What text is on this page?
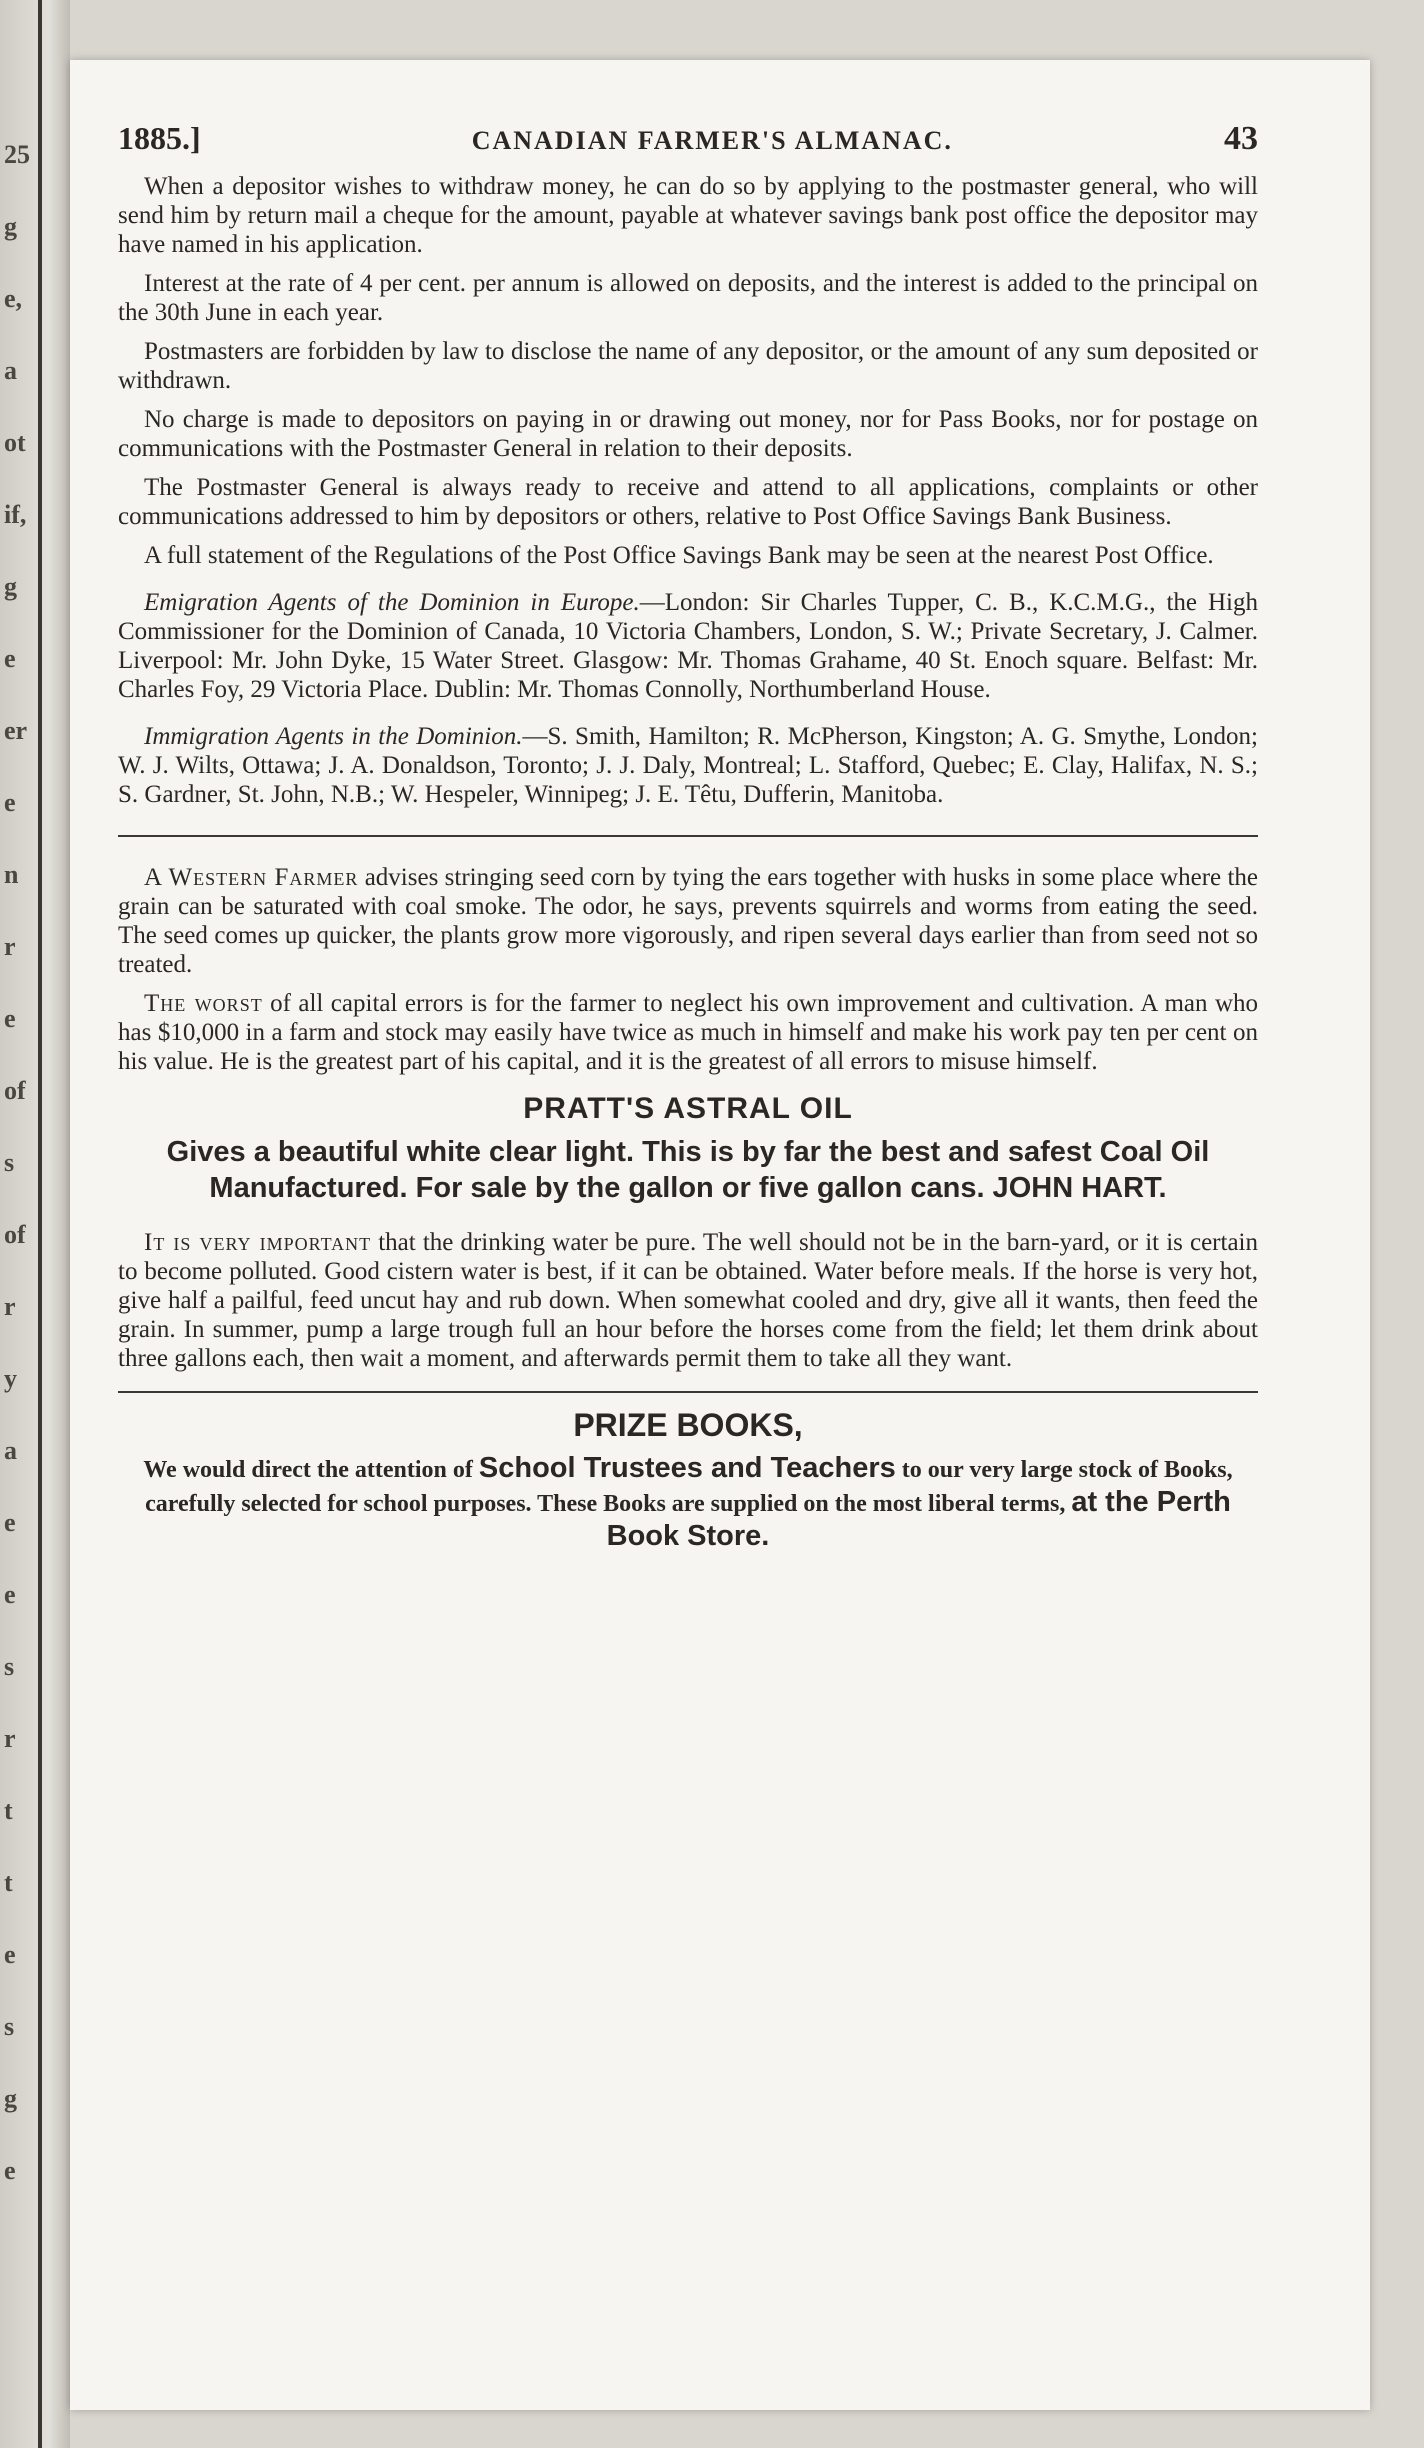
25
g
e,
a
ot
if,
g
e
er
e
n
r
e
of
s
of
r
y
a
e
e
s
r
t
t
e
s
g
e
1885.]	CANADIAN FARMER'S ALMANAC.	43

When a depositor wishes to withdraw money, he can do so by applying to the postmaster general, who will send him by return mail a cheque for the amount, payable at whatever savings bank post office the depositor may have named in his application.

Interest at the rate of 4 per cent. per annum is allowed on deposits, and the interest is added to the principal on the 30th June in each year.

Postmasters are forbidden by law to disclose the name of any depositor, or the amount of any sum deposited or withdrawn.

No charge is made to depositors on paying in or drawing out money, nor for Pass Books, nor for postage on communications with the Postmaster General in relation to their deposits.

The Postmaster General is always ready to receive and attend to all applications, complaints or other communications addressed to him by depositors or others, relative to Post Office Savings Bank Business.

A full statement of the Regulations of the Post Office Savings Bank may be seen at the nearest Post Office.

Emigration Agents of the Dominion in Europe.—London: Sir Charles Tupper, C. B., K.C.M.G., the High Commissioner for the Dominion of Canada, 10 Victoria Chambers, London, S. W.; Private Secretary, J. Calmer. Liverpool: Mr. John Dyke, 15 Water Street. Glasgow: Mr. Thomas Grahame, 40 St. Enoch square. Belfast: Mr. Charles Foy, 29 Victoria Place. Dublin: Mr. Thomas Connolly, Northumberland House.

Immigration Agents in the Dominion.—S. Smith, Hamilton; R. McPherson, Kingston; A. G. Smythe, London; W. J. Wilts, Ottawa; J. A. Donaldson, Toronto; J. J. Daly, Montreal; L. Stafford, Quebec; E. Clay, Halifax, N. S.; S. Gardner, St. John, N.B.; W. Hespeler, Winnipeg; J. E. Têtu, Dufferin, Manitoba.

A Western Farmer advises stringing seed corn by tying the ears together with husks in some place where the grain can be saturated with coal smoke. The odor, he says, prevents squirrels and worms from eating the seed. The seed comes up quicker, the plants grow more vigorously, and ripen several days earlier than from seed not so treated.

The worst of all capital errors is for the farmer to neglect his own improvement and cultivation. A man who has $10,000 in a farm and stock may easily have twice as much in himself and make his work pay ten per cent on his value. He is the greatest part of his capital, and it is the greatest of all errors to misuse himself.

PRATT'S ASTRAL OIL
Gives a beautiful white clear light. This is by far the best and safest Coal Oil Manufactured. For sale by the gallon or five gallon cans. JOHN HART.

It is very important that the drinking water be pure. The well should not be in the barn-yard, or it is certain to become polluted. Good cistern water is best, if it can be obtained. Water before meals. If the horse is very hot, give half a pailful, feed uncut hay and rub down. When somewhat cooled and dry, give all it wants, then feed the grain. In summer, pump a large trough full an hour before the horses come from the field; let them drink about three gallons each, then wait a moment, and afterwards permit them to take all they want.

PRIZE BOOKS,
We would direct the attention of School Trustees and Teachers to our very large stock of Books, carefully selected for school purposes. These Books are supplied on the most liberal terms, at the Perth Book Store.
